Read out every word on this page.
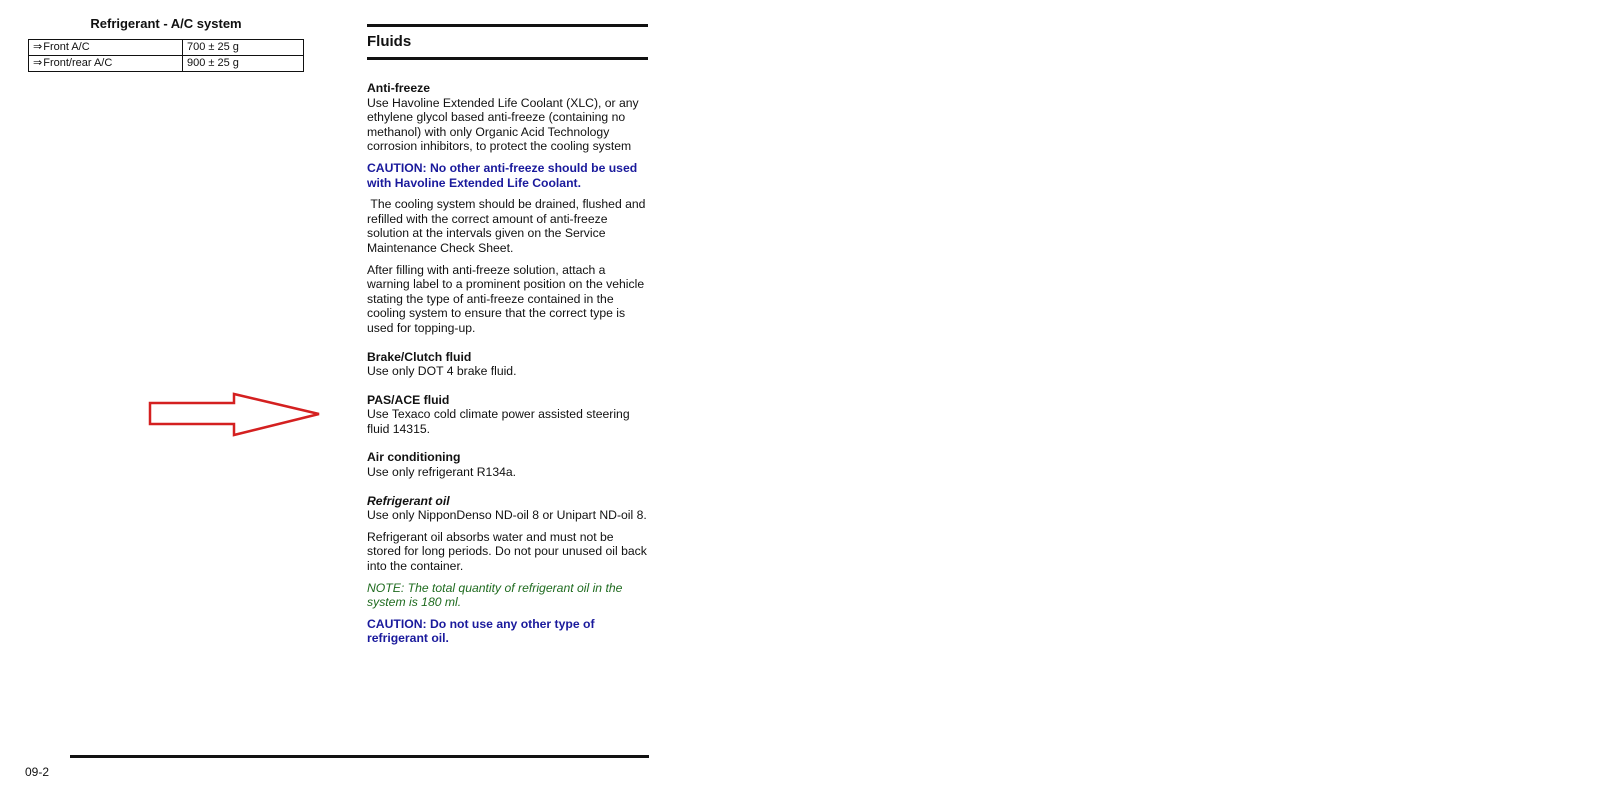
Refrigerant - A/C system
⇒Front A/C	700 ± 25 g
⇒Front/rear A/C	900 ± 25 g
Fluids
Anti-freeze

Use Havoline Extended Life Coolant (XLC), or any ethylene glycol based anti-freeze (containing no methanol) with only Organic Acid Technology corrosion inhibitors, to protect the cooling system

CAUTION: No other anti-freeze should be used with Havoline Extended Life Coolant.

The cooling system should be drained, flushed and refilled with the correct amount of anti-freeze solution at the intervals given on the Service Maintenance Check Sheet.

After filling with anti-freeze solution, attach a warning label to a prominent position on the vehicle stating the type of anti-freeze contained in the cooling system to ensure that the correct type is used for topping-up.

Brake/Clutch fluid

Use only DOT 4 brake fluid.

PAS/ACE fluid

Use Texaco cold climate power assisted steering fluid 14315.

Air conditioning

Use only refrigerant R134a.

Refrigerant oil

Use only NipponDenso ND-oil 8 or Unipart ND-oil 8.

Refrigerant oil absorbs water and must not be stored for long periods. Do not pour unused oil back into the container.

NOTE: The total quantity of refrigerant oil in the system is 180 ml.

CAUTION: Do not use any other type of refrigerant oil.

09-2
